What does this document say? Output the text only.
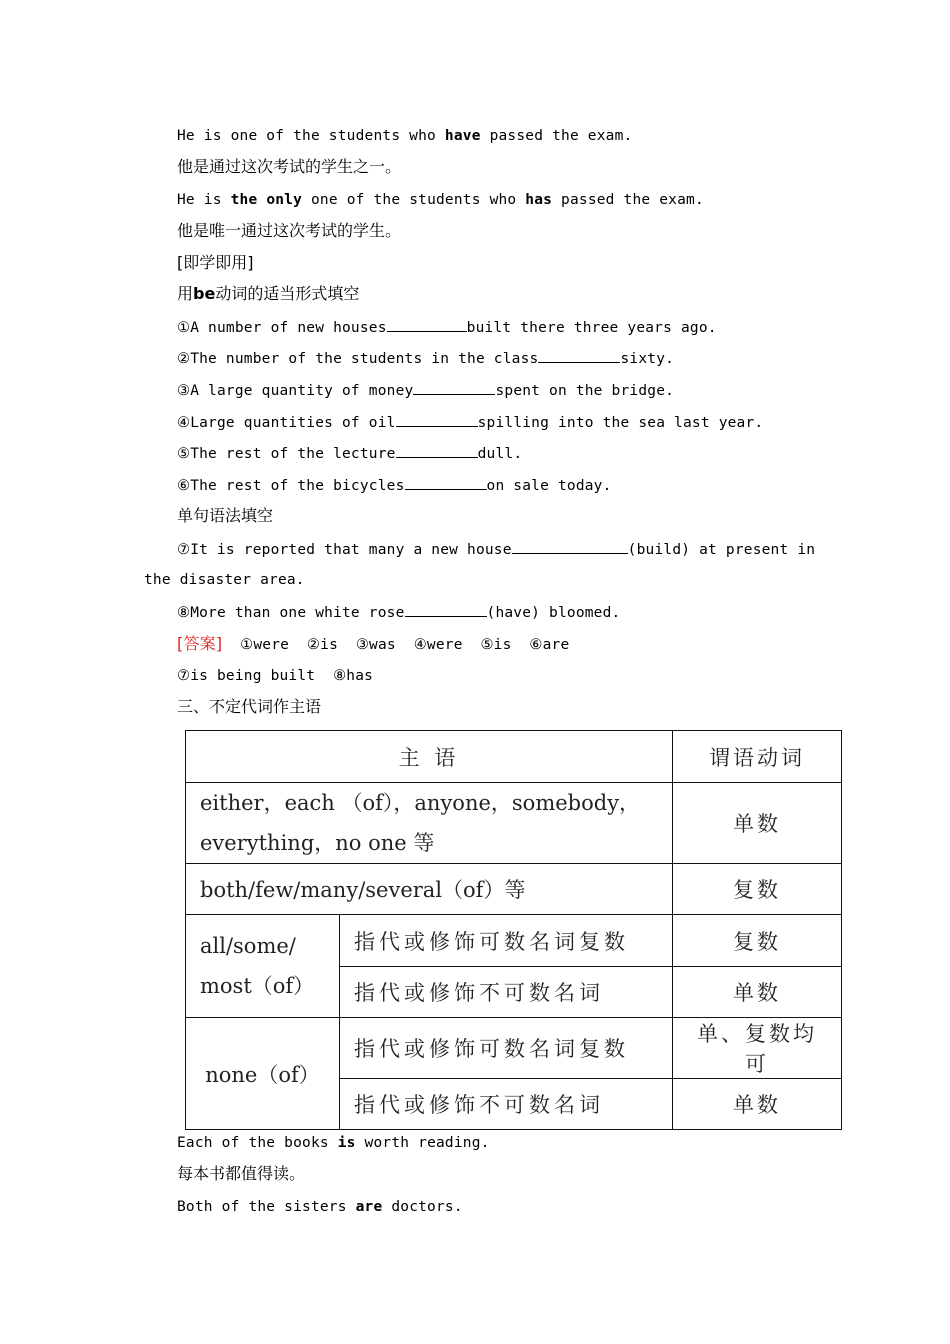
He is one of the students who have passed the exam.
他是通过这次考试的学生之一。
He is the only one of the students who has passed the exam.
他是唯一通过这次考试的学生。
[即学即用]
用be动词的适当形式填空
①A number of new houses	built there three years ago.
②The number of the students in the class	sixty.
③A large quantity of money	spent on the bridge.
④Large quantities of oil	spilling into the sea last year.
⑤The rest of the lecture	dull.
⑥The rest of the bicycles	on sale today.
单句语法填空
⑦It is reported that many a new house	(build) at present in
the disaster area.
⑧More than one white rose	(have) bloomed.
[答案]  ①were  ②is  ③was  ④were  ⑤is  ⑥are
⑦is being built  ⑧has
三、不定代词作主语
主 语		谓语动词
either，each （of），anyone，somebody，
everything，no one 等		单数
both/few/many/several（of）等		复数
all/some/
most（of）	指代或修饰可数名词复数	复数
	指代或修饰不可数名词	单数
none（of）	指代或修饰可数名词复数	单、复数均可
	指代或修饰不可数名词	单数
Each of the books is worth reading.
每本书都值得读。
Both of the sisters are doctors.
